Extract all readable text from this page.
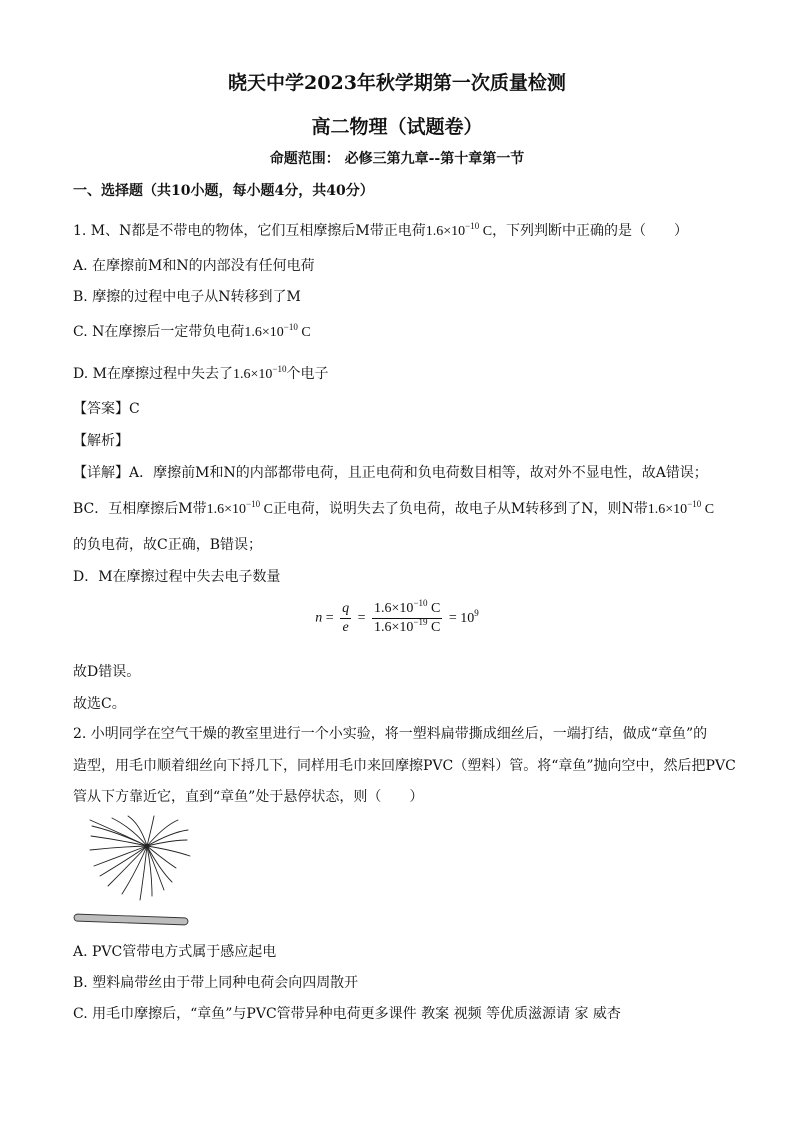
晓天中学2023年秋学期第一次质量检测
高二物理（试题卷）
命题范围： 必修三第九章--第十章第一节
一、选择题（共10小题，每小题4分，共40分）
1. M、N都是不带电的物体，它们互相摩擦后M带正电荷$1.6\times 10^{-10}$ C，下列判断中正确的是（　　）
A. 在摩擦前M和N的内部没有任何电荷
B. 摩擦的过程中电子从N转移到了M
C. N在摩擦后一定带负电荷$1.6\times 10^{-10}$ C
D. M在摩擦过程中失去了$1.6\times 10^{-10}$个电子
【答案】C
【解析】
【详解】A．摩擦前M和N的内部都带电荷，且正电荷和负电荷数目相等，故对外不显电性，故A错误；
BC．互相摩擦后M带$1.6\times 10^{-10}$ C正电荷，说明失去了负电荷，故电子从M转移到了N，则N带$1.6\times 10^{-10}$ C
的负电荷，故C正确，B错误；
D．M在摩擦过程中失去电子数量
$n = \frac{q}{e} = \frac{1.6\times 10^{-10} C}{1.6\times 10^{-19} C} = 10^9$
故D错误。
故选C。
2. 小明同学在空气干燥的教室里进行一个小实验，将一塑料扁带撕成细丝后，一端打结，做成“章鱼”的
造型，用毛巾顺着细丝向下捋几下，同样用毛巾来回摩擦PVC（塑料）管。将“章鱼”抛向空中，然后把PVC
管从下方靠近它，直到“章鱼”处于悬停状态，则（　　）
A. PVC管带电方式属于感应起电
B. 塑料扁带丝由于带上同种电荷会向四周散开
C. 用毛巾摩擦后，“章鱼”与PVC管带异种电荷更多课件 教案 视频 等优质滋源请 家 威杏
